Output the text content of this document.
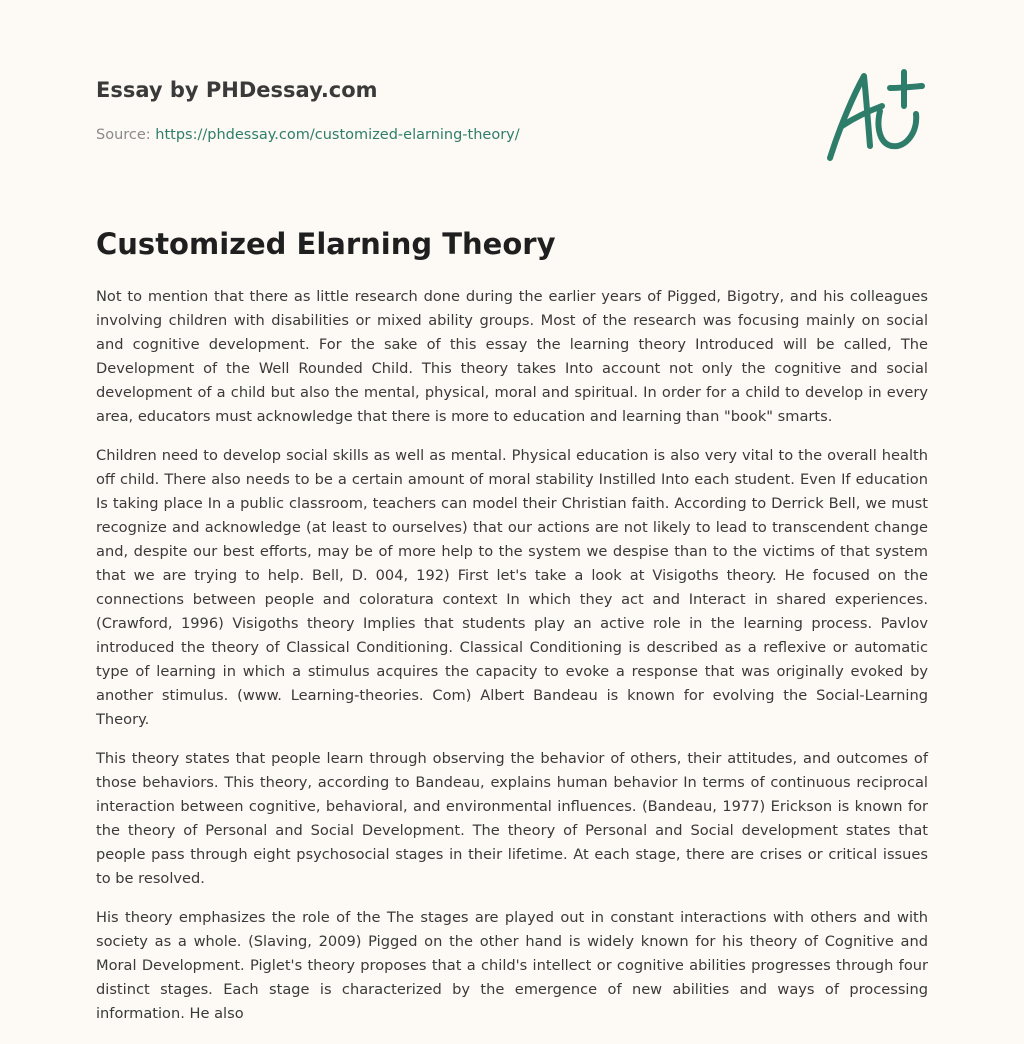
Essay by PHDessay.com
Source: https://phdessay.com/customized-elarning-theory/
Customized Elarning Theory

Not to mention that there as little research done during the earlier years of Pigged, Bigotry, and his colleagues involving children with disabilities or mixed ability groups. Most of the research was focusing mainly on social and cognitive development. For the sake of this essay the learning theory Introduced will be called, The Development of the Well Rounded Child. This theory takes Into account not only the cognitive and social development of a child but also the mental, physical, moral and spiritual. In order for a child to develop in every area, educators must acknowledge that there is more to education and learning than "book" smarts.

Children need to develop social skills as well as mental. Physical education is also very vital to the overall health off child. There also needs to be a certain amount of moral stability Instilled Into each student. Even If education Is taking place In a public classroom, teachers can model their Christian faith. According to Derrick Bell, we must recognize and acknowledge (at least to ourselves) that our actions are not likely to lead to transcendent change and, despite our best efforts, may be of more help to the system we despise than to the victims of that system that we are trying to help. Bell, D. 004, 192) First let's take a look at Visigoths theory. He focused on the connections between people and coloratura context In which they act and Interact in shared experiences. (Crawford, 1996) Visigoths theory Implies that students play an active role in the learning process. Pavlov introduced the theory of Classical Conditioning. Classical Conditioning is described as a reflexive or automatic type of learning in which a stimulus acquires the capacity to evoke a response that was originally evoked by another stimulus. (www. Learning-theories. Com) Albert Bandeau is known for evolving the Social-Learning Theory.

This theory states that people learn through observing the behavior of others, their attitudes, and outcomes of those behaviors. This theory, according to Bandeau, explains human behavior In terms of continuous reciprocal interaction between cognitive, behavioral, and environmental influences. (Bandeau, 1977) Erickson is known for the theory of Personal and Social Development. The theory of Personal and Social development states that people pass through eight psychosocial stages in their lifetime. At each stage, there are crises or critical issues to be resolved.

His theory emphasizes the role of the The stages are played out in constant interactions with others and with society as a whole. (Slaving, 2009) Pigged on the other hand is widely known for his theory of Cognitive and Moral Development. Piglet's theory proposes that a child's intellect or cognitive abilities progresses through four distinct stages. Each stage is characterized by the emergence of new abilities and ways of processing information. He also
